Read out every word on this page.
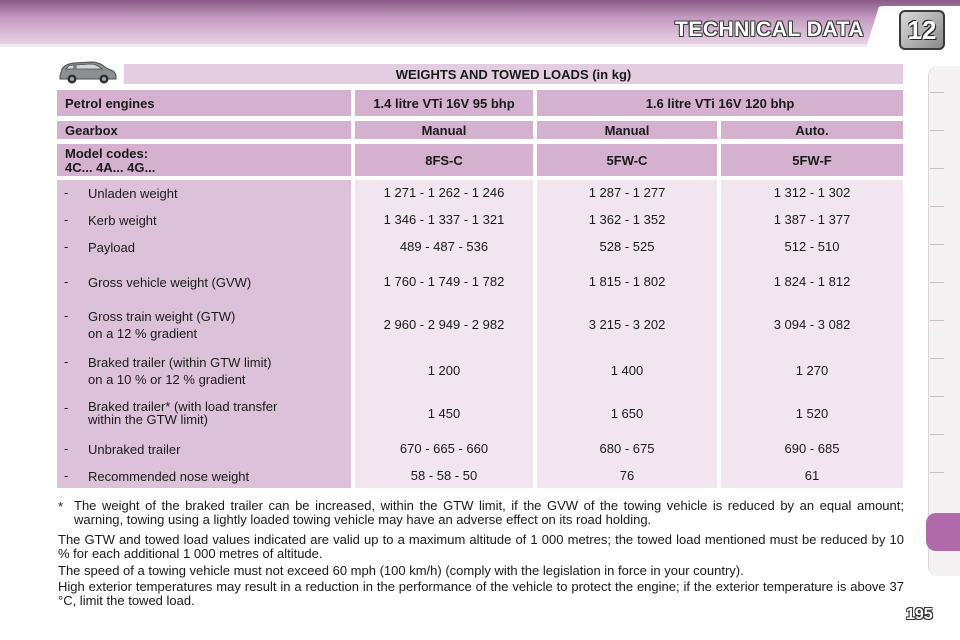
TECHNICAL DATA	12
WEIGHTS AND TOWED LOADS (in kg)
Petrol engines	1.4 litre VTi 16V 95 bhp	1.6 litre VTi 16V 120 bhp
Gearbox	Manual	Manual	Auto.
Model codes:
4C... 4A... 4G...	8FS-C	5FW-C	5FW-F
- Unladen weight	1 271 - 1 262 - 1 246	1 287 - 1 277	1 312 - 1 302
- Kerb weight	1 346 - 1 337 - 1 321	1 362 - 1 352	1 387 - 1 377
- Payload	489 - 487 - 536	528 - 525	512 - 510
- Gross vehicle weight (GVW)	1 760 - 1 749 - 1 782	1 815 - 1 802	1 824 - 1 812
- Gross train weight (GTW)
on a 12 % gradient
2 960 - 2 949 - 2 982	3 215 - 3 202	3 094 - 3 082
- Braked trailer (within GTW limit)
on a 10 % or 12 % gradient
1 200	1 400	1 270
- Braked trailer* (with load transfer
within the GTW limit)	1 450	1 650	1 520
- Unbraked trailer	670 - 665 - 660	680 - 675	690 - 685
- Recommended nose weight	58 - 58 - 50	76	61
* The weight of the braked trailer can be increased, within the GTW limit, if the GVW of the towing vehicle is reduced by an equal amount; warning, towing using a lightly loaded towing vehicle may have an adverse effect on its road holding.
The GTW and towed load values indicated are valid up to a maximum altitude of 1 000 metres; the towed load mentioned must be reduced by 10 % for each additional 1 000 metres of altitude.
The speed of a towing vehicle must not exceed 60 mph (100 km/h) (comply with the legislation in force in your country).
High exterior temperatures may result in a reduction in the performance of the vehicle to protect the engine; if the exterior temperature is above 37 °C, limit the towed load.
195
